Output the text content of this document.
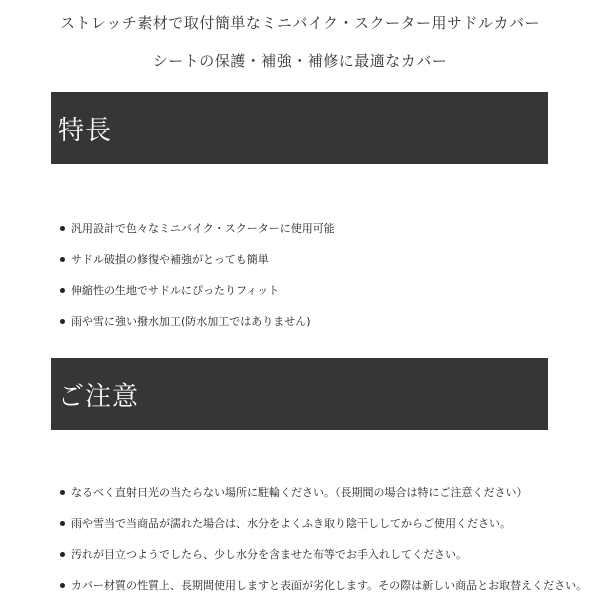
ストレッチ素材で取付簡単なミニバイク・スクーター用サドルカバー
シートの保護・補強・補修に最適なカバー
特長
汎用設計で色々なミニバイク・スクーターに使用可能
サドル破損の修復や補強がとっても簡単
伸縮性の生地でサドルにぴったりフィット
雨や雪に強い撥水加工(防水加工ではありません)
ご注意
なるべく直射日光の当たらない場所に駐輪ください。（長期間の場合は特にご注意ください）
雨や雪当で当商品が濡れた場合は、水分をよくふき取り陰干ししてからご使用ください。
汚れが目立つようでしたら、少し水分を含ませた布等でお手入れしてください。
カバー材質の性質上、長期間使用しますと表面が劣化します。その際は新しい商品とお取替えください。
